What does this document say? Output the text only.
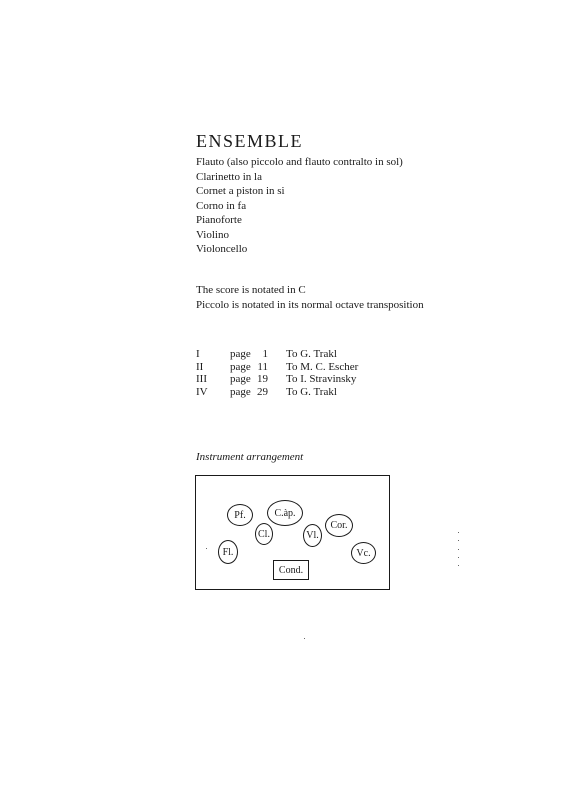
ENSEMBLE
Flauto (also piccolo and flauto contralto in sol)
Clarinetto in la
Cornet a piston in si
Corno in fa
Pianoforte
Violino
Violoncello
The score is notated in C
Piccolo is notated in its normal octave transposition
I	page	1	To G. Trakl
II	page	11	To M. C. Escher
III	page	19	To I. Stravinsky
IV	page	29	To G. Trakl
Instrument arrangement
Pf.	C.àp.
Cl.	Vl.
Cor.
Fl.	Vc.
Cond.
